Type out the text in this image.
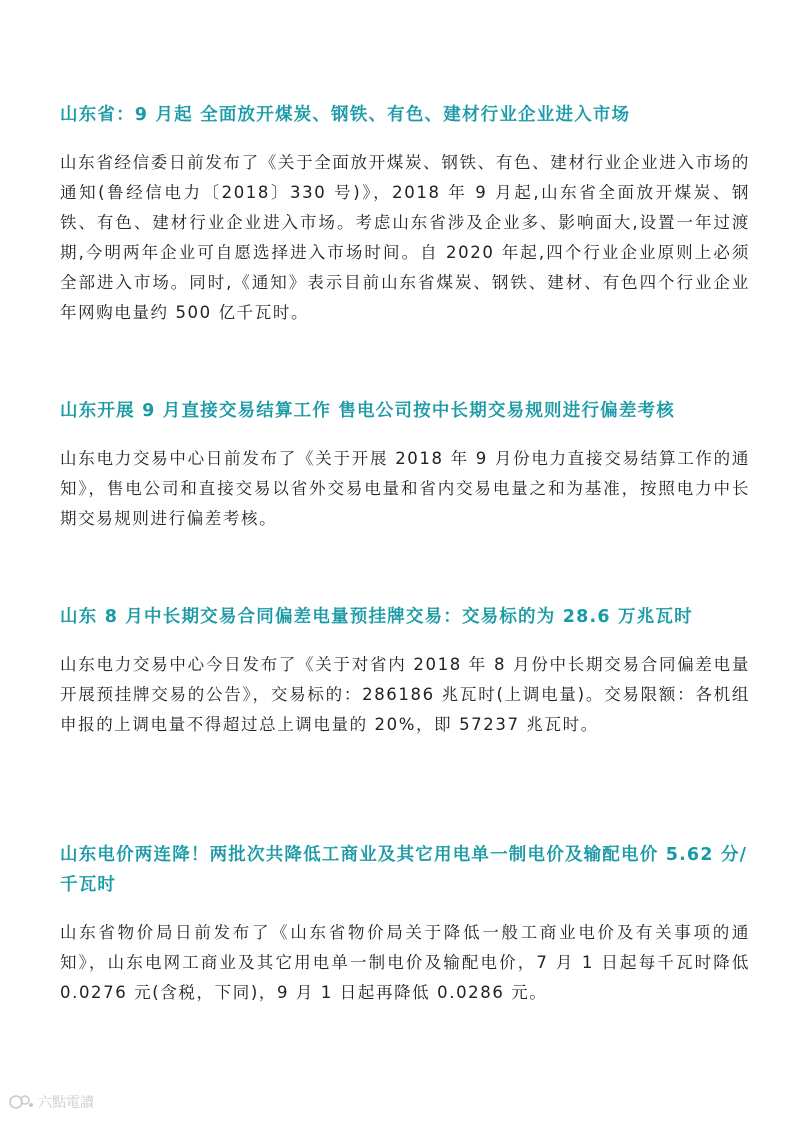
山东省：9 月起 全面放开煤炭、钢铁、有色、建材行业企业进入市场

山东省经信委日前发布了《关于全面放开煤炭、钢铁、有色、建材行业企业进入市场的通知(鲁经信电力〔2018〕330 号)》，2018 年 9 月起,山东省全面放开煤炭、钢铁、有色、建材行业企业进入市场。考虑山东省涉及企业多、影响面大,设置一年过渡期,今明两年企业可自愿选择进入市场时间。自 2020 年起,四个行业企业原则上必须全部进入市场。同时,《通知》表示目前山东省煤炭、钢铁、建材、有色四个行业企业年网购电量约 500 亿千瓦时。

山东开展 9 月直接交易结算工作 售电公司按中长期交易规则进行偏差考核

山东电力交易中心日前发布了《关于开展 2018 年 9 月份电力直接交易结算工作的通知》，售电公司和直接交易以省外交易电量和省内交易电量之和为基准，按照电力中长期交易规则进行偏差考核。

山东 8 月中长期交易合同偏差电量预挂牌交易：交易标的为 28.6 万兆瓦时

山东电力交易中心今日发布了《关于对省内 2018 年 8 月份中长期交易合同偏差电量开展预挂牌交易的公告》，交易标的：286186 兆瓦时(上调电量)。交易限额：各机组申报的上调电量不得超过总上调电量的 20%，即 57237 兆瓦时。

山东电价两连降！两批次共降低工商业及其它用电单一制电价及输配电价 5.62 分/千瓦时

山东省物价局日前发布了《山东省物价局关于降低一般工商业电价及有关事项的通知》，山东电网工商业及其它用电单一制电价及输配电价，7 月 1 日起每千瓦时降低 0.0276 元(含税，下同)，9 月 1 日起再降低 0.0286 元。

六點電讀
